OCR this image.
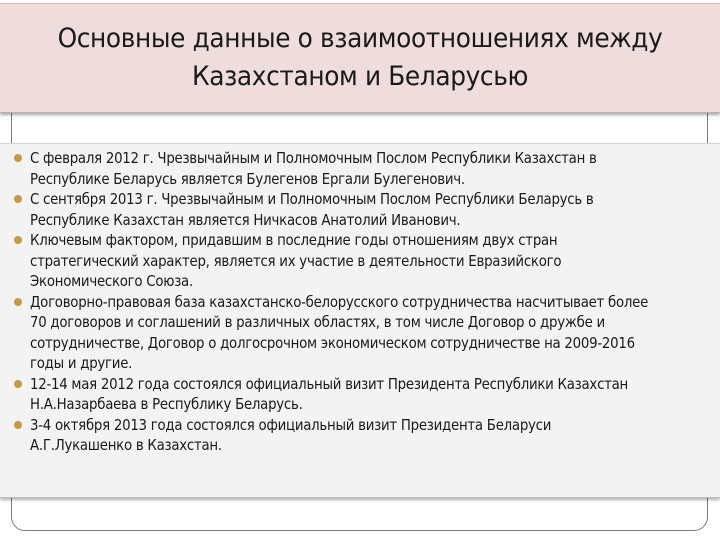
Основные данные о взаимоотношениях между
Казахстаном и Беларусью
С февраля 2012 г. Чрезвычайным и Полномочным Послом Республики Казахстан в
Республике Беларусь является Булегенов Ергали Булегенович.
С сентября 2013 г. Чрезвычайным и Полномочным Послом Республики Беларусь в
Республике Казахстан является Ничкасов Анатолий Иванович.
Ключевым фактором, придавшим в последние годы отношениям двух стран
стратегический характер, является их участие в деятельности Евразийского
Экономического Союза.
Договорно-правовая база казахстанско-белорусского сотрудничества насчитывает более
70 договоров и соглашений в различных областях, в том числе Договор о дружбе и
сотрудничестве, Договор о долгосрочном экономическом сотрудничестве на 2009-2016
годы и другие.
12-14 мая 2012 года состоялся официальный визит Президента Республики Казахстан
Н.А.Назарбаева в Республику Беларусь.
3-4 октября 2013 года состоялся официальный визит Президента Беларуси
А.Г.Лукашенко в Казахстан.
